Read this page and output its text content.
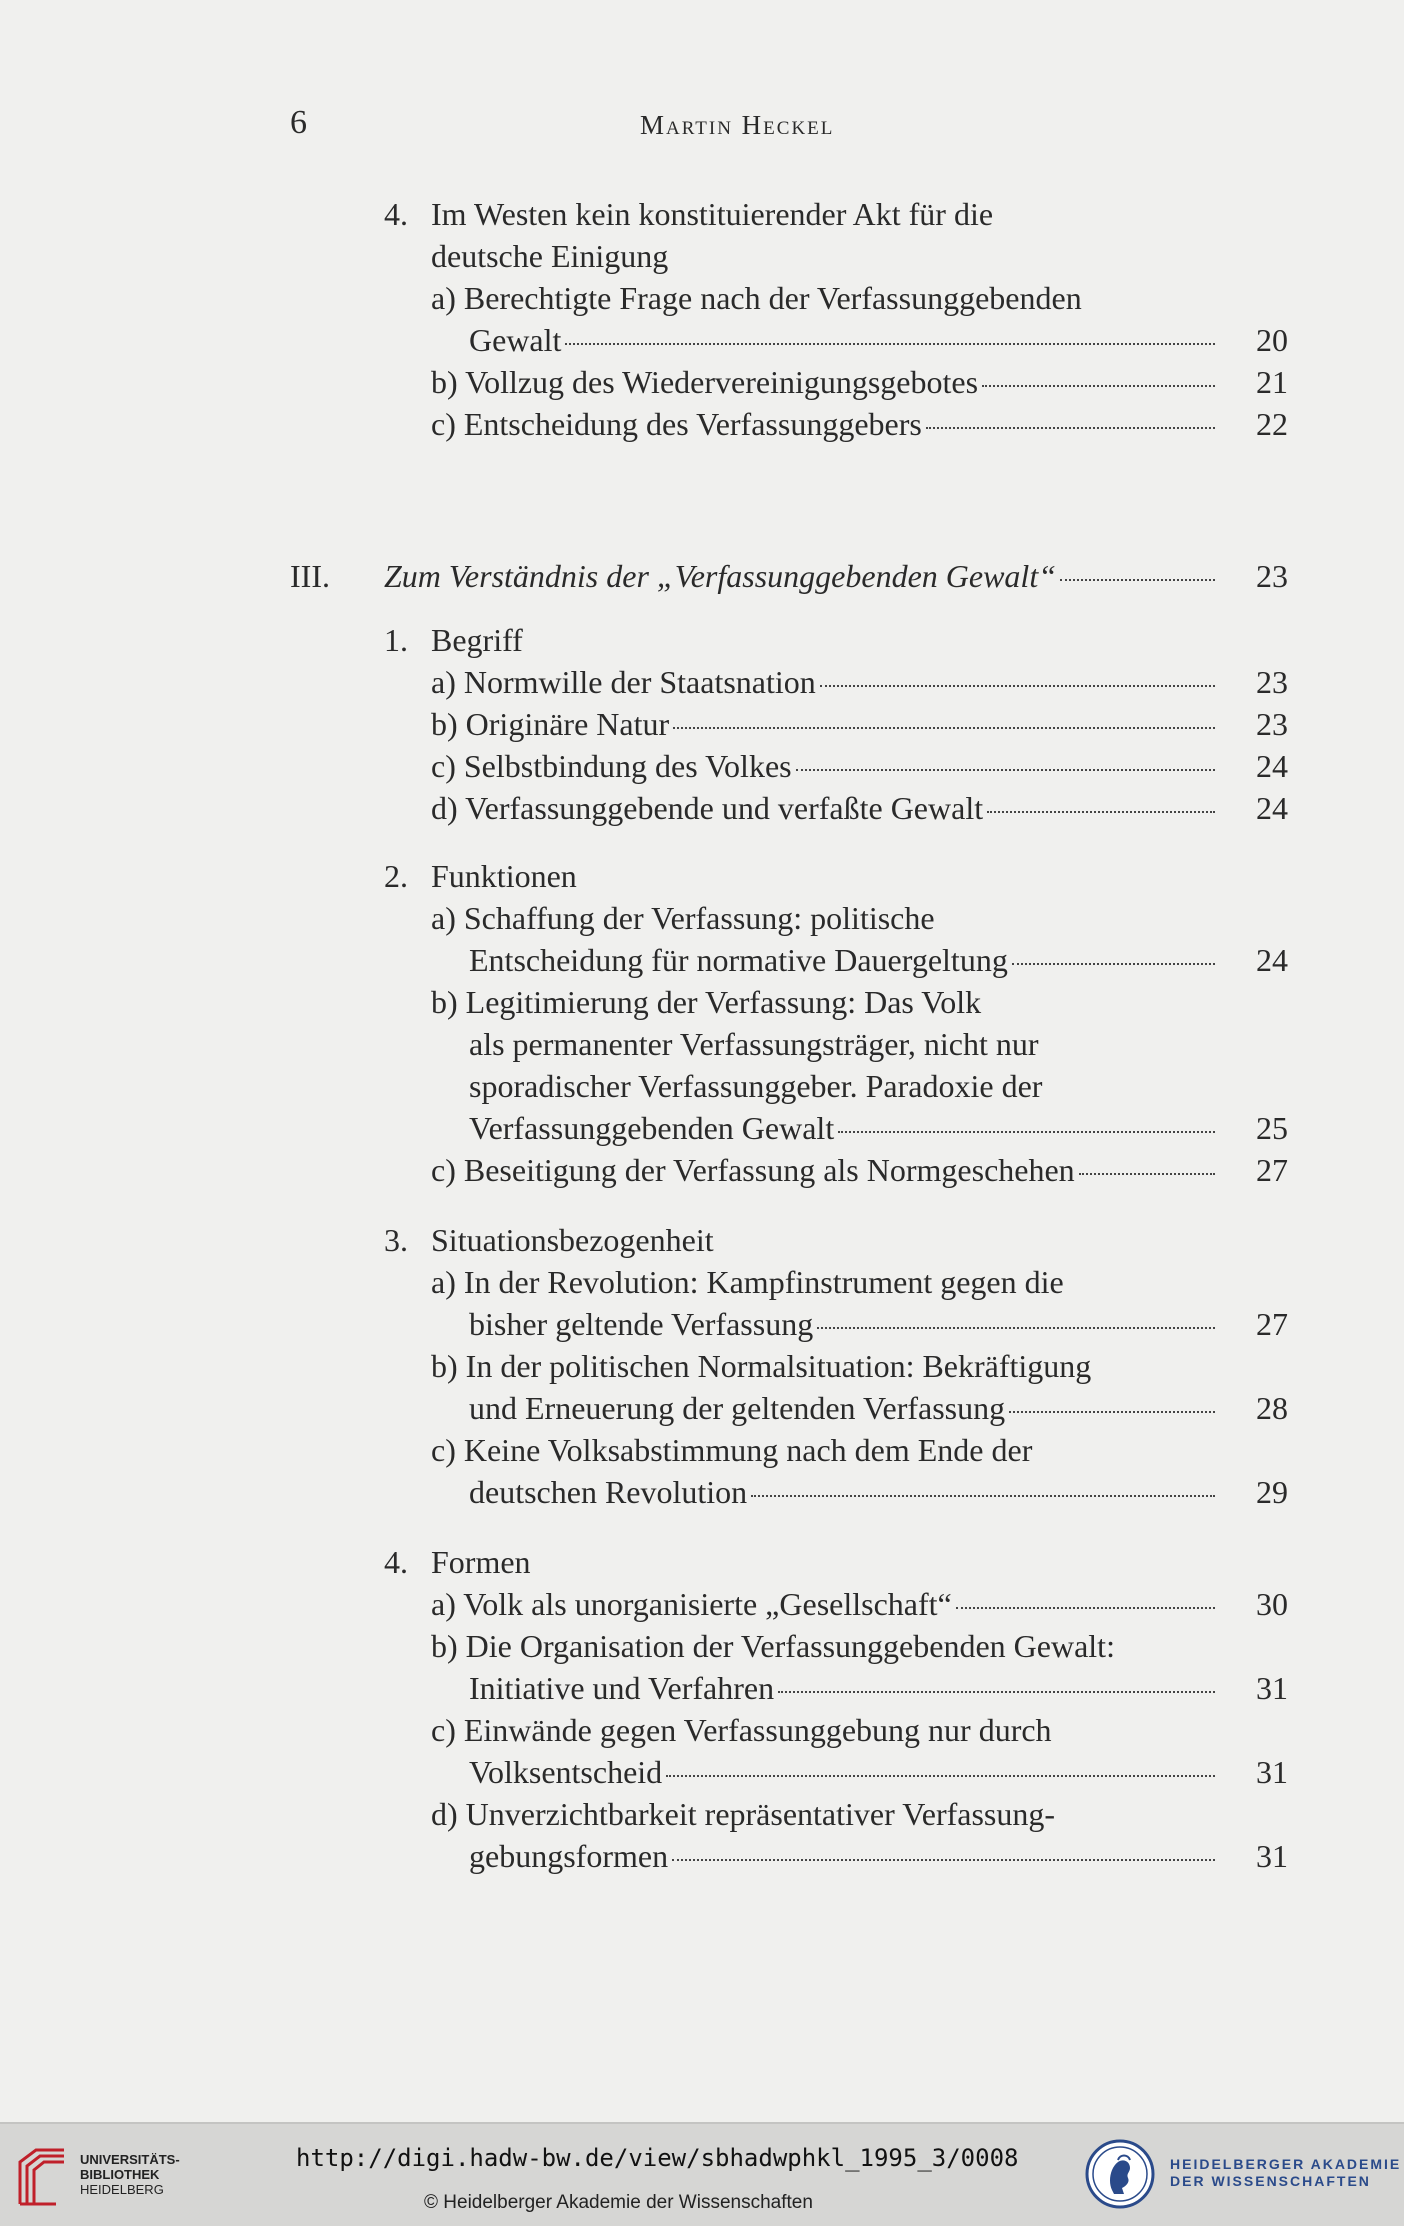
6	Martin Heckel
4. Im Westen kein konstituierender Akt für die
deutsche Einigung
a) Berechtigte Frage nach der Verfassunggebenden
Gewalt	20
b) Vollzug des Wiedervereinigungsgebotes	21
c) Entscheidung des Verfassunggebers	22
III. Zum Verständnis der „Verfassunggebenden Gewalt“	23
1. Begriff
a) Normwille der Staatsnation	23
b) Originäre Natur	23
c) Selbstbindung des Volkes	24
d) Verfassunggebende und verfaßte Gewalt	24
2. Funktionen
a) Schaffung der Verfassung: politische
Entscheidung für normative Dauergeltung	24
b) Legitimierung der Verfassung: Das Volk
als permanenter Verfassungsträger, nicht nur
sporadischer Verfassunggeber. Paradoxie der
Verfassunggebenden Gewalt	25
c) Beseitigung der Verfassung als Normgeschehen	27
3. Situationsbezogenheit
a) In der Revolution: Kampfinstrument gegen die
bisher geltende Verfassung	27
b) In der politischen Normalsituation: Bekräftigung
und Erneuerung der geltenden Verfassung	28
c) Keine Volksabstimmung nach dem Ende der
deutschen Revolution	29
4. Formen
a) Volk als unorganisierte „Gesellschaft“	30
b) Die Organisation der Verfassunggebenden Gewalt:
Initiative und Verfahren	31
c) Einwände gegen Verfassunggebung nur durch
Volksentscheid	31
d) Unverzichtbarkeit repräsentativer Verfassung-
gebungsformen	31
UNIVERSITÄTS-
BIBLIOTHEK
HEIDELBERG
http://digi.hadw-bw.de/view/sbhadwphkl_1995_3/0008
© Heidelberger Akademie der Wissenschaften
HEIDELBERGER AKADEMIE
DER WISSENSCHAFTEN
